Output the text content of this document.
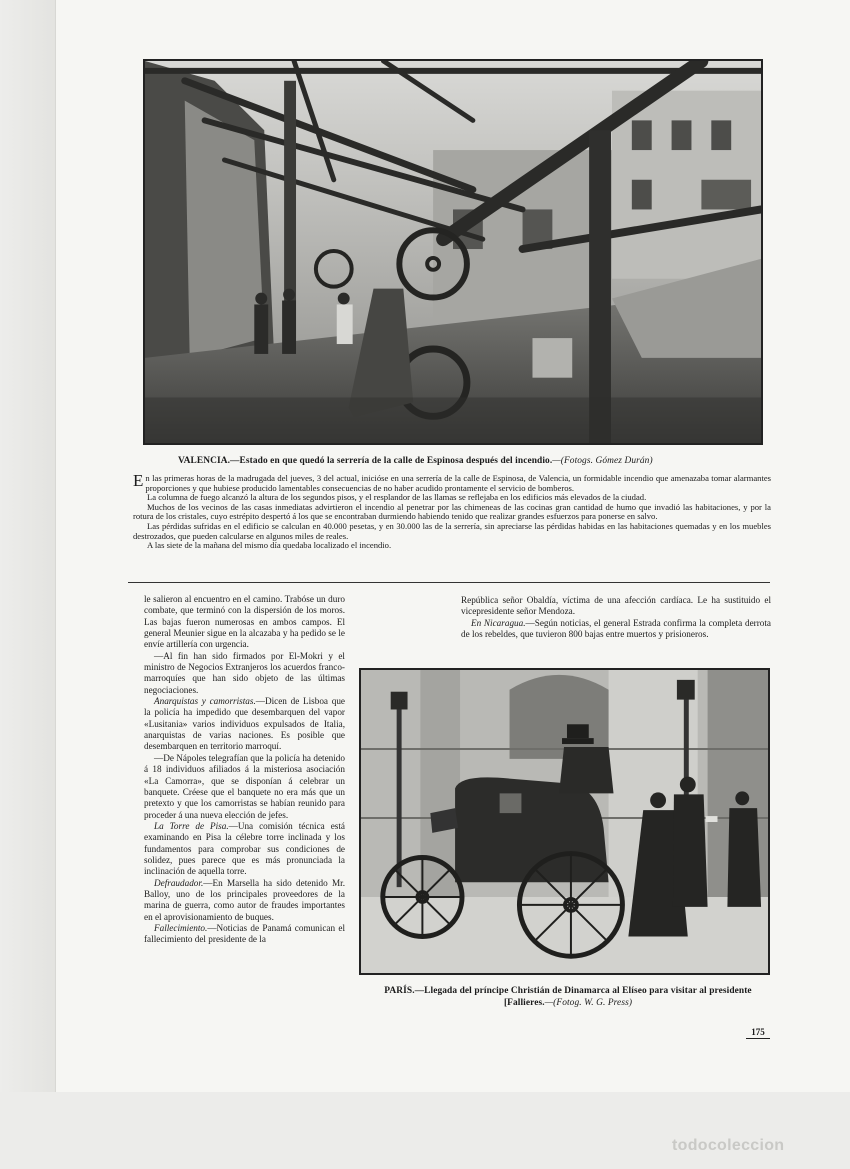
VALENCIA.—Estado en que quedó la serrería de la calle de Espinosa después del incendio.—(Fotogs. Gómez Durán)

En las primeras horas de la madrugada del jueves, 3 del actual, inicióse en una serrería de la calle de Espinosa, de Valencia, un formidable incendio que amenazaba tomar alarmantes proporciones y que hubiese producido lamentables consecuencias de no haber acudido prontamente el servicio de bomberos.

La columna de fuego alcanzó la altura de los segundos pisos, y el resplandor de las llamas se reflejaba en los edificios más elevados de la ciudad.

Muchos de los vecinos de las casas inmediatas advirtieron el incendio al penetrar por las chimeneas de las cocinas gran cantidad de humo que invadió las habitaciones, y por la rotura de los cristales, cuyo estrépito despertó á los que se encontraban durmiendo habiendo tenido que realizar grandes esfuerzos para ponerse en salvo.

Las pérdidas sufridas en el edificio se calculan en 40.000 pesetas, y en 30.000 las de la serrería, sin apreciarse las pérdidas habidas en las habitaciones quemadas y en los muebles destrozados, que pueden calcularse en algunos miles de reales.

A las siete de la mañana del mismo día quedaba localizado el incendio.

le salieron al encuentro en el camino. Trabóse un duro combate, que terminó con la dispersión de los moros. Las bajas fueron numerosas en ambos campos. El general Meunier sigue en la alcazaba y ha pedido se le envíe artillería con urgencia.

—Al fin han sido firmados por El-Mokri y el ministro de Negocios Extranjeros los acuerdos franco-marroquíes que han sido objeto de las últimas negociaciones.

Anarquistas y camorristas.—Dicen de Lisboa que la policía ha impedido que desembarquen del vapor «Lusitania» varios individuos expulsados de Italia, anarquistas de varias naciones. Es posible que desembarquen en territorio marroquí.

—De Nápoles telegrafían que la policía ha detenido á 18 individuos afiliados á la misteriosa asociación «La Camorra», que se disponían á celebrar un banquete. Créese que el banquete no era más que un pretexto y que los camorristas se habían reunido para proceder á una nueva elección de jefes.

La Torre de Pisa.—Una comisión técnica está examinando en Pisa la célebre torre inclinada y los fundamentos para comprobar sus condiciones de solidez, pues parece que es más pronunciada la inclinación de aquella torre.

Defraudador.—En Marsella ha sido detenido Mr. Balloy, uno de los principales proveedores de la marina de guerra, como autor de fraudes importantes en el aprovisionamiento de buques.

Fallecimiento.—Noticias de Panamá comunican el fallecimiento del presidente de la

República señor Obaldía, víctima de una afección cardíaca. Le ha sustituido el vicepresidente señor Mendoza.

En Nicaragua.—Según noticias, el general Estrada confirma la completa derrota de los rebeldes, que tuvieron 800 bajas entre muertos y prisioneros.

PARÍS.—Llegada del príncipe Christián de Dinamarca al Elíseo para visitar al presidente [Fallieres.—(Fotog. W. G. Press)
175
todocoleccion
